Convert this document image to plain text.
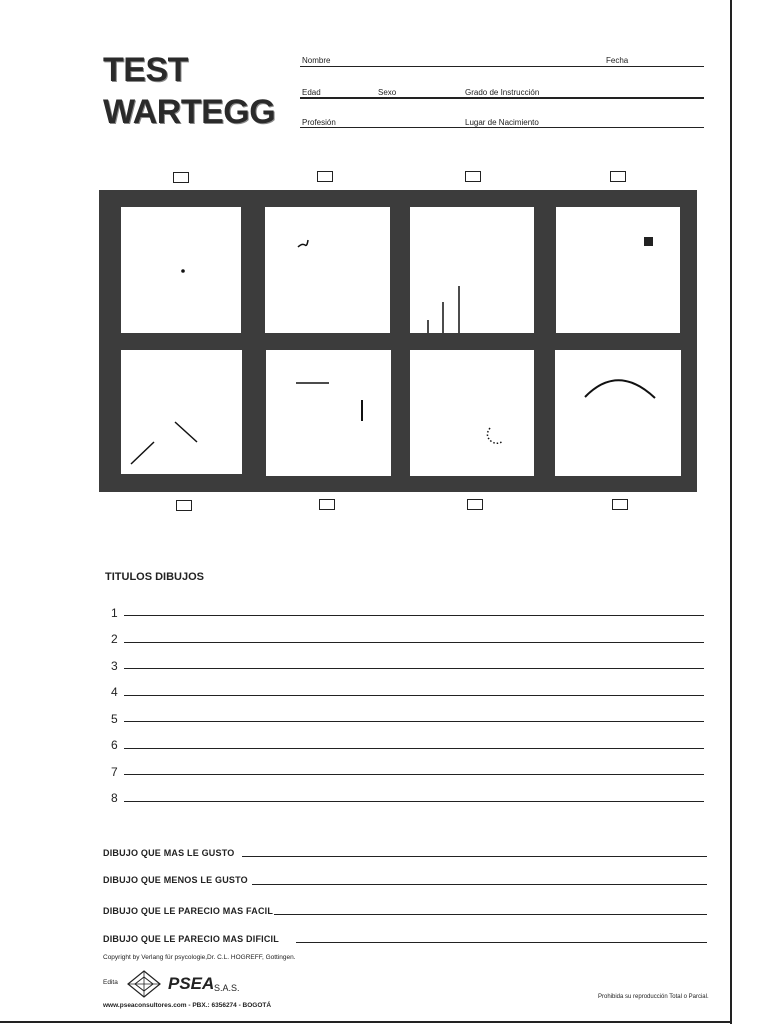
TEST
WARTEGG
Nombre	Fecha
Edad	Sexo	Grado de Instrucción
Profesión	Lugar de Nacimiento
TITULOS DIBUJOS
1
2
3
4
5
6
7
8
DIBUJO QUE MAS LE GUSTO
DIBUJO QUE MENOS LE GUSTO
DIBUJO QUE LE PARECIO MAS FACIL
DIBUJO QUE LE PARECIO MAS DIFICIL
Copyright by Verlang für psycologie,Dr. C.L. HOGREFF, Gottingen.
Edita	PSEA S.A.S.
www.pseaconsultores.com - PBX.: 6356274 - BOGOTÁ
Prohibida su reproducción Total o Parcial.
